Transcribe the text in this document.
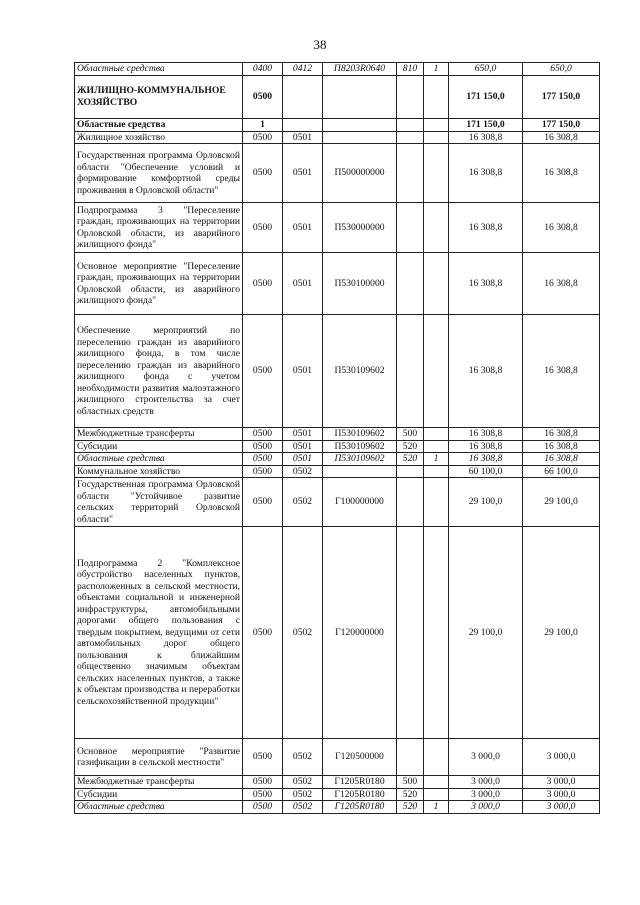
38
Областные средства	0400	0412	П8203R0640	810	1	650,0	650,0
ЖИЛИЩНО-КОММУНАЛЬНОЕ ХОЗЯЙСТВО	0500					171 150,0	177 150,0
Областные средства	1					171 150,0	177 150,0
Жилищное хозяйство	0500	0501				16 308,8	16 308,8
Государственная программа Орловской области "Обеспечение условий и формирование комфортной среды проживания в Орловской области"	0500	0501	П500000000			16 308,8	16 308,8
Подпрограмма 3 "Переселение граждан, проживающих на территории Орловской области, из аварийного жилищного фонда"	0500	0501	П530000000			16 308,8	16 308,8
Основное мероприятие "Переселение граждан, проживающих на территории Орловской области, из аварийного жилищного фонда"	0500	0501	П530100000			16 308,8	16 308,8
Обеспечение мероприятий по переселению граждан из аварийного жилищного фонда, в том числе переселению граждан из аварийного жилищного фонда с учетом необходимости развития малоэтажного жилищного строительства за счет областных средств	0500	0501	П530109602			16 308,8	16 308,8
Межбюджетные трансферты	0500	0501	П530109602	500		16 308,8	16 308,8
Субсидии	0500	0501	П530109602	520		16 308,8	16 308,8
Областные средства	0500	0501	П530109602	520	1	16 308,8	16 308,8
Коммунальное хозяйство	0500	0502				60 100,0	66 100,0
Государственная программа Орловской области "Устойчивое развитие сельских территорий Орловской области"	0500	0502	Г100000000			29 100,0	29 100,0
Подпрограмма 2 "Комплексное обустройство населенных пунктов, расположенных в сельской местности, объектами социальной и инженерной инфраструктуры, автомобильными дорогами общего пользования с твердым покрытием, ведущими от сети автомобильных дорог общего пользования к ближайшим общественно значимым объектам сельских населенных пунктов, а также к объектам производства и переработки сельскохозяйственной продукции"	0500	0502	Г120000000			29 100,0	29 100,0
Основное мероприятие "Развитие газификации в сельской местности"	0500	0502	Г120500000			3 000,0	3 000,0
Межбюджетные трансферты	0500	0502	Г1205R0180	500		3 000,0	3 000,0
Субсидии	0500	0502	Г1205R0180	520		3 000,0	3 000,0
Областные средства	0500	0502	Г1205R0180	520	1	3 000,0	3 000,0
